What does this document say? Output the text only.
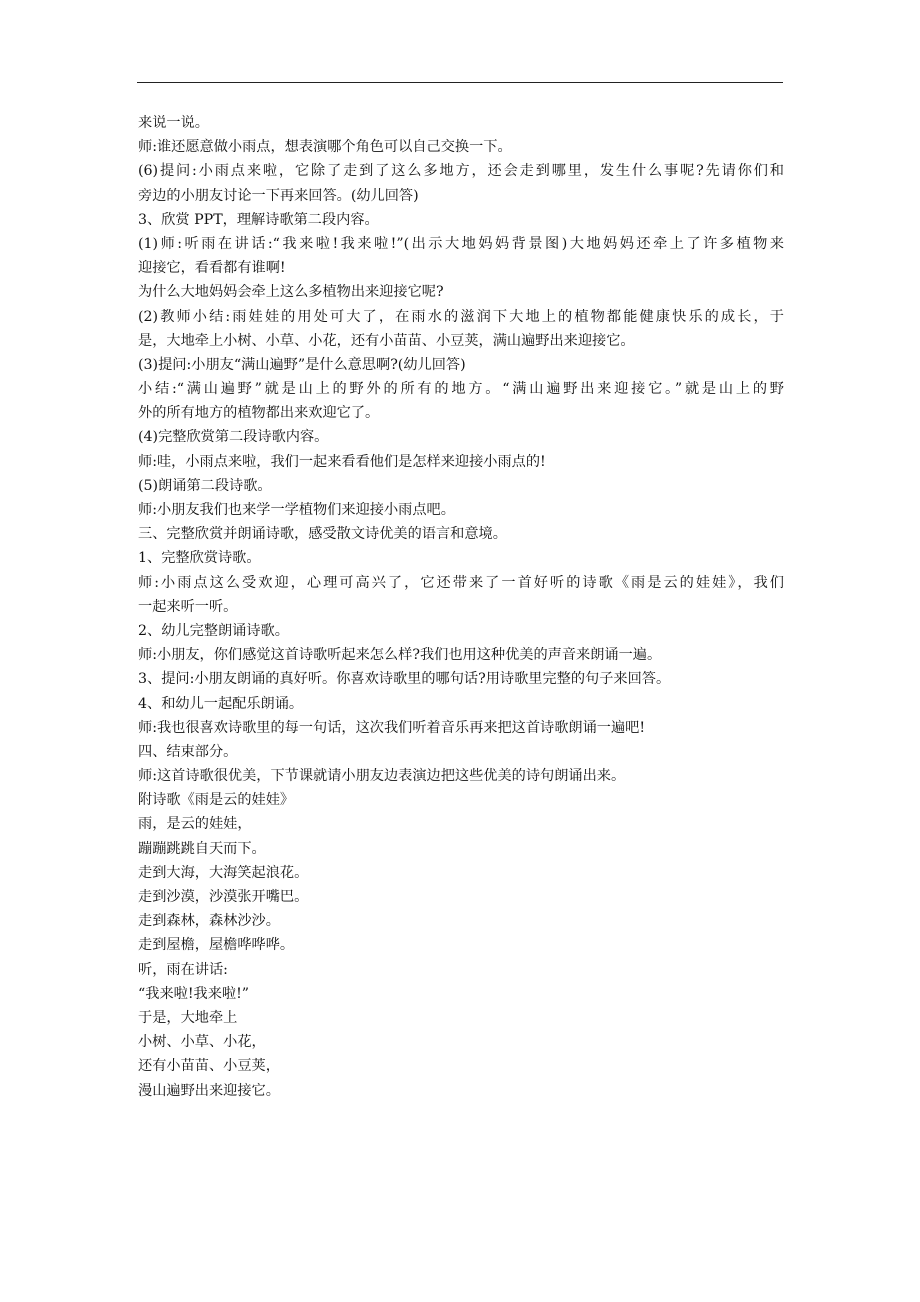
来说一说。
师:谁还愿意做小雨点，想表演哪个角色可以自己交换一下。
(6)提问:小雨点来啦，它除了走到了这么多地方，还会走到哪里，发生什么事呢?先请你们和
旁边的小朋友讨论一下再来回答。(幼儿回答)
3、欣赏 PPT，理解诗歌第二段内容。
(1)师:听雨在讲话:“我来啦!我来啦!”(出示大地妈妈背景图)大地妈妈还牵上了许多植物来
迎接它，看看都有谁啊!
为什么大地妈妈会牵上这么多植物出来迎接它呢?
(2)教师小结:雨娃娃的用处可大了，在雨水的滋润下大地上的植物都能健康快乐的成长，于
是，大地牵上小树、小草、小花，还有小苗苗、小豆荚，满山遍野出来迎接它。
(3)提问:小朋友“满山遍野”是什么意思啊?(幼儿回答)
小结:“满山遍野”就是山上的野外的所有的地方。“满山遍野出来迎接它。”就是山上的野
外的所有地方的植物都出来欢迎它了。
(4)完整欣赏第二段诗歌内容。
师:哇，小雨点来啦，我们一起来看看他们是怎样来迎接小雨点的!
(5)朗诵第二段诗歌。
师:小朋友我们也来学一学植物们来迎接小雨点吧。
三、完整欣赏并朗诵诗歌，感受散文诗优美的语言和意境。
1、完整欣赏诗歌。
师:小雨点这么受欢迎，心理可高兴了，它还带来了一首好听的诗歌《雨是云的娃娃》，我们
一起来听一听。
2、幼儿完整朗诵诗歌。
师:小朋友，你们感觉这首诗歌听起来怎么样?我们也用这种优美的声音来朗诵一遍。
3、提问:小朋友朗诵的真好听。你喜欢诗歌里的哪句话?用诗歌里完整的句子来回答。
4、和幼儿一起配乐朗诵。
师:我也很喜欢诗歌里的每一句话，这次我们听着音乐再来把这首诗歌朗诵一遍吧!
四、结束部分。
师:这首诗歌很优美，下节课就请小朋友边表演边把这些优美的诗句朗诵出来。
附诗歌《雨是云的娃娃》
雨，是云的娃娃，
蹦蹦跳跳自天而下。
走到大海，大海笑起浪花。
走到沙漠，沙漠张开嘴巴。
走到森林，森林沙沙。
走到屋檐，屋檐哗哗哗。
听，雨在讲话:
“我来啦!我来啦!”
于是，大地牵上
小树、小草、小花，
还有小苗苗、小豆荚，
漫山遍野出来迎接它。
